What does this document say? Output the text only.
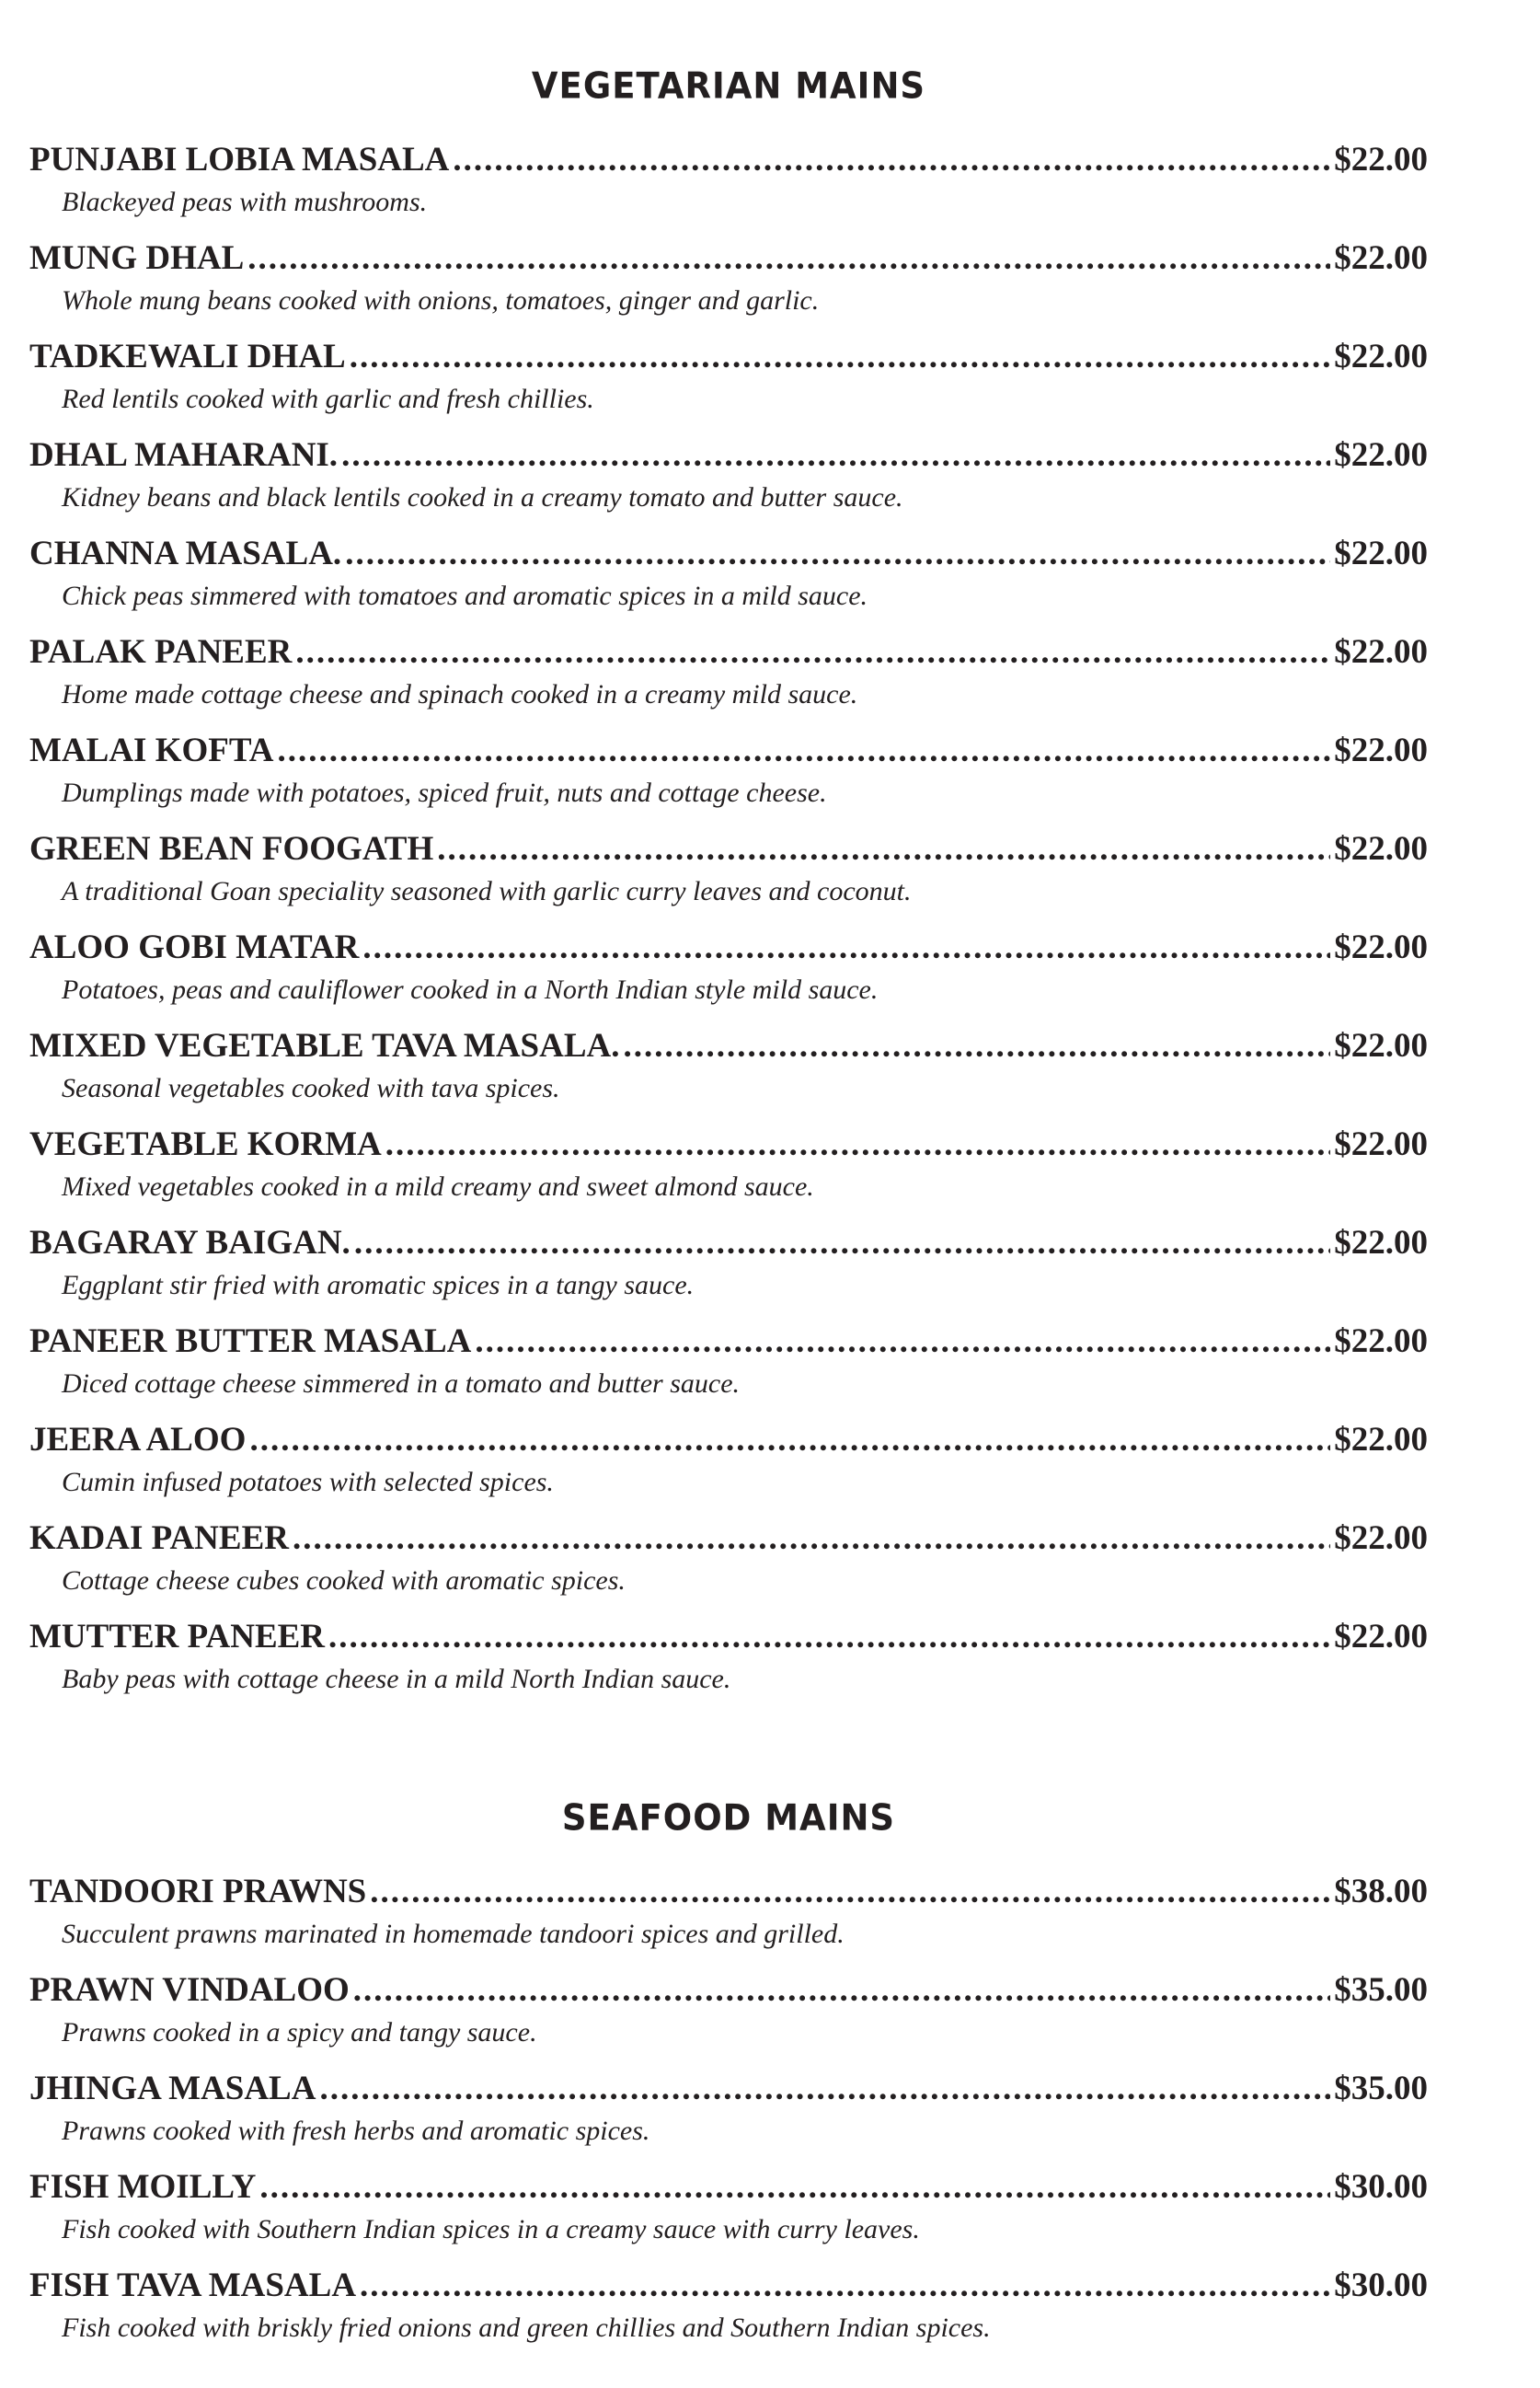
VEGETARIAN MAINS
PUNJABI LOBIA MASALA .....	$22.00
Blackeyed peas with mushrooms.
MUNG DHAL .....	$22.00
Whole mung beans cooked with onions, tomatoes, ginger and garlic.
TADKEWALI DHAL .....	$22.00
Red lentils cooked with garlic and fresh chillies.
DHAL MAHARANI. .....	$22.00
Kidney beans and black lentils cooked in a creamy tomato and butter sauce.
CHANNA MASALA. .....	$22.00
Chick peas simmered with tomatoes and aromatic spices in a mild sauce.
PALAK PANEER .....	$22.00
Home made cottage cheese and spinach cooked in a creamy mild sauce.
MALAI KOFTA .....	$22.00
Dumplings made with potatoes, spiced fruit, nuts and cottage cheese.
GREEN BEAN FOOGATH .....	$22.00
A traditional Goan speciality seasoned with garlic curry leaves and coconut.
ALOO GOBI MATAR .....	$22.00
Potatoes, peas and cauliflower cooked in a North Indian style mild sauce.
MIXED VEGETABLE TAVA MASALA. .....	$22.00
Seasonal vegetables cooked with tava spices.
VEGETABLE KORMA .....	$22.00
Mixed vegetables cooked in a mild creamy and sweet almond sauce.
BAGARAY BAIGAN. .....	$22.00
Eggplant stir fried with aromatic spices in a tangy sauce.
PANEER BUTTER MASALA .....	$22.00
Diced cottage cheese simmered in a tomato and butter sauce.
JEERA ALOO .....	$22.00
Cumin infused potatoes with selected spices.
KADAI PANEER .....	$22.00
Cottage cheese cubes cooked with aromatic spices.
MUTTER PANEER .....	$22.00
Baby peas with cottage cheese in a mild North Indian sauce.
SEAFOOD MAINS
TANDOORI PRAWNS .....	$38.00
Succulent prawns marinated in homemade tandoori spices and grilled.
PRAWN VINDALOO .....	$35.00
Prawns cooked in a spicy and tangy sauce.
JHINGA MASALA .....	$35.00
Prawns cooked with fresh herbs and aromatic spices.
FISH MOILLY .....	$30.00
Fish cooked with Southern Indian spices in a creamy sauce with curry leaves.
FISH TAVA MASALA .....	$30.00
Fish cooked with briskly fried onions and green chillies and Southern Indian spices.
